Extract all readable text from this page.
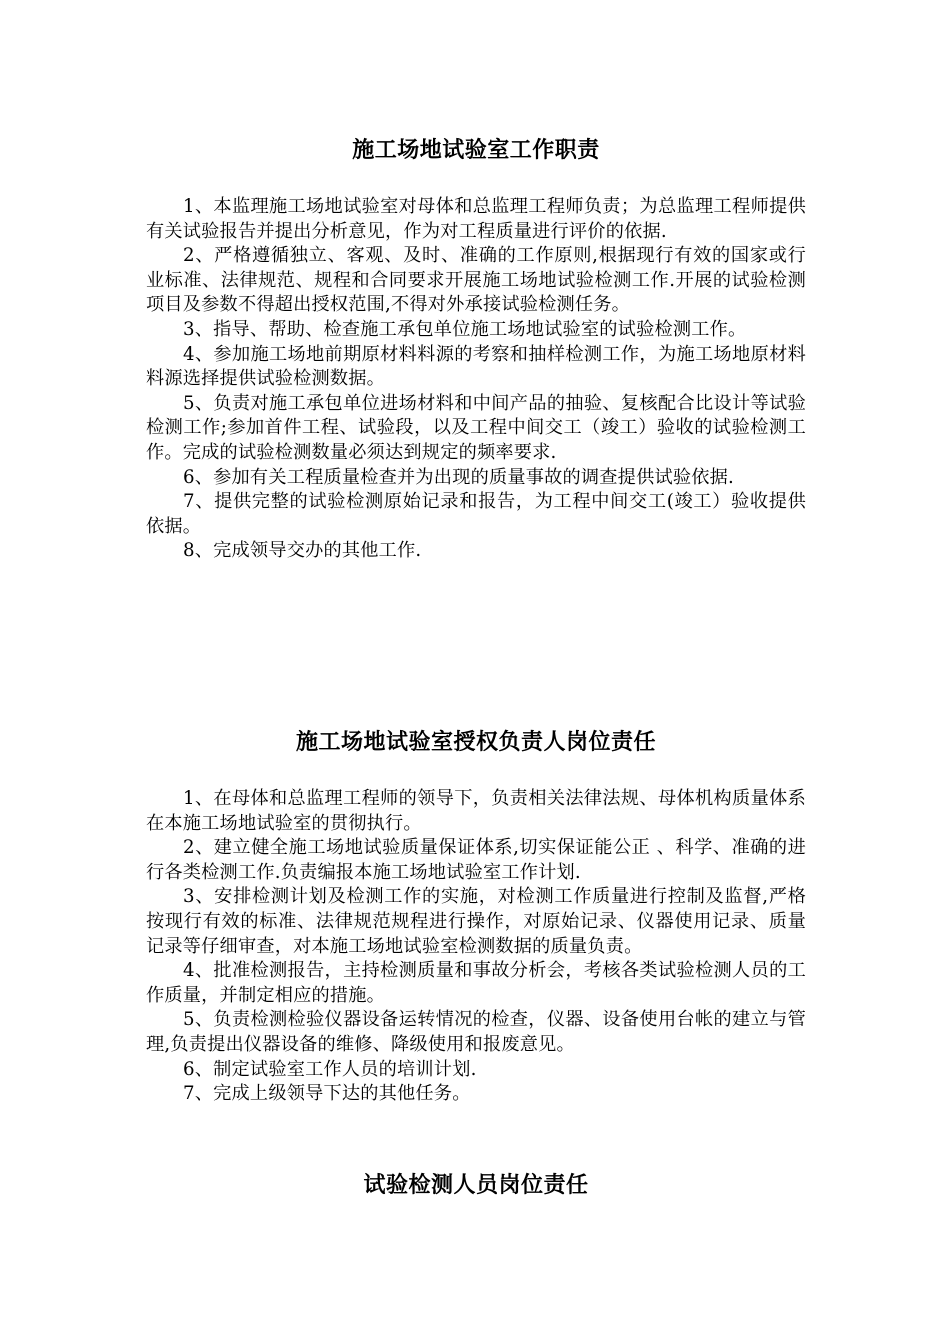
施工场地试验室工作职责

1、本监理施工场地试验室对母体和总监理工程师负责；为总监理工程师提供有关试验报告并提出分析意见，作为对工程质量进行评价的依据.

2、严格遵循独立、客观、及时、准确的工作原则,根据现行有效的国家或行业标准、法律规范、规程和合同要求开展施工场地试验检测工作.开展的试验检测项目及参数不得超出授权范围,不得对外承接试验检测任务。

3、指导、帮助、检查施工承包单位施工场地试验室的试验检测工作。

4、参加施工场地前期原材料料源的考察和抽样检测工作，为施工场地原材料料源选择提供试验检测数据。

5、负责对施工承包单位进场材料和中间产品的抽验、复核配合比设计等试验检测工作;参加首件工程、试验段，以及工程中间交工（竣工）验收的试验检测工作。完成的试验检测数量必须达到规定的频率要求.

6、参加有关工程质量检查并为出现的质量事故的调查提供试验依据.

7、提供完整的试验检测原始记录和报告，为工程中间交工(竣工）验收提供依据。

8、完成领导交办的其他工作.

施工场地试验室授权负责人岗位责任

1、在母体和总监理工程师的领导下，负责相关法律法规、母体机构质量体系在本施工场地试验室的贯彻执行。

2、建立健全施工场地试验质量保证体系,切实保证能公正 、科学、准确的进行各类检测工作.负责编报本施工场地试验室工作计划.

3、安排检测计划及检测工作的实施，对检测工作质量进行控制及监督,严格按现行有效的标准、法律规范规程进行操作，对原始记录、仪器使用记录、质量记录等仔细审查，对本施工场地试验室检测数据的质量负责。

4、批准检测报告，主持检测质量和事故分析会，考核各类试验检测人员的工作质量，并制定相应的措施。

5、负责检测检验仪器设备运转情况的检查，仪器、设备使用台帐的建立与管理,负责提出仪器设备的维修、降级使用和报废意见。

6、制定试验室工作人员的培训计划.

7、完成上级领导下达的其他任务。

试验检测人员岗位责任
